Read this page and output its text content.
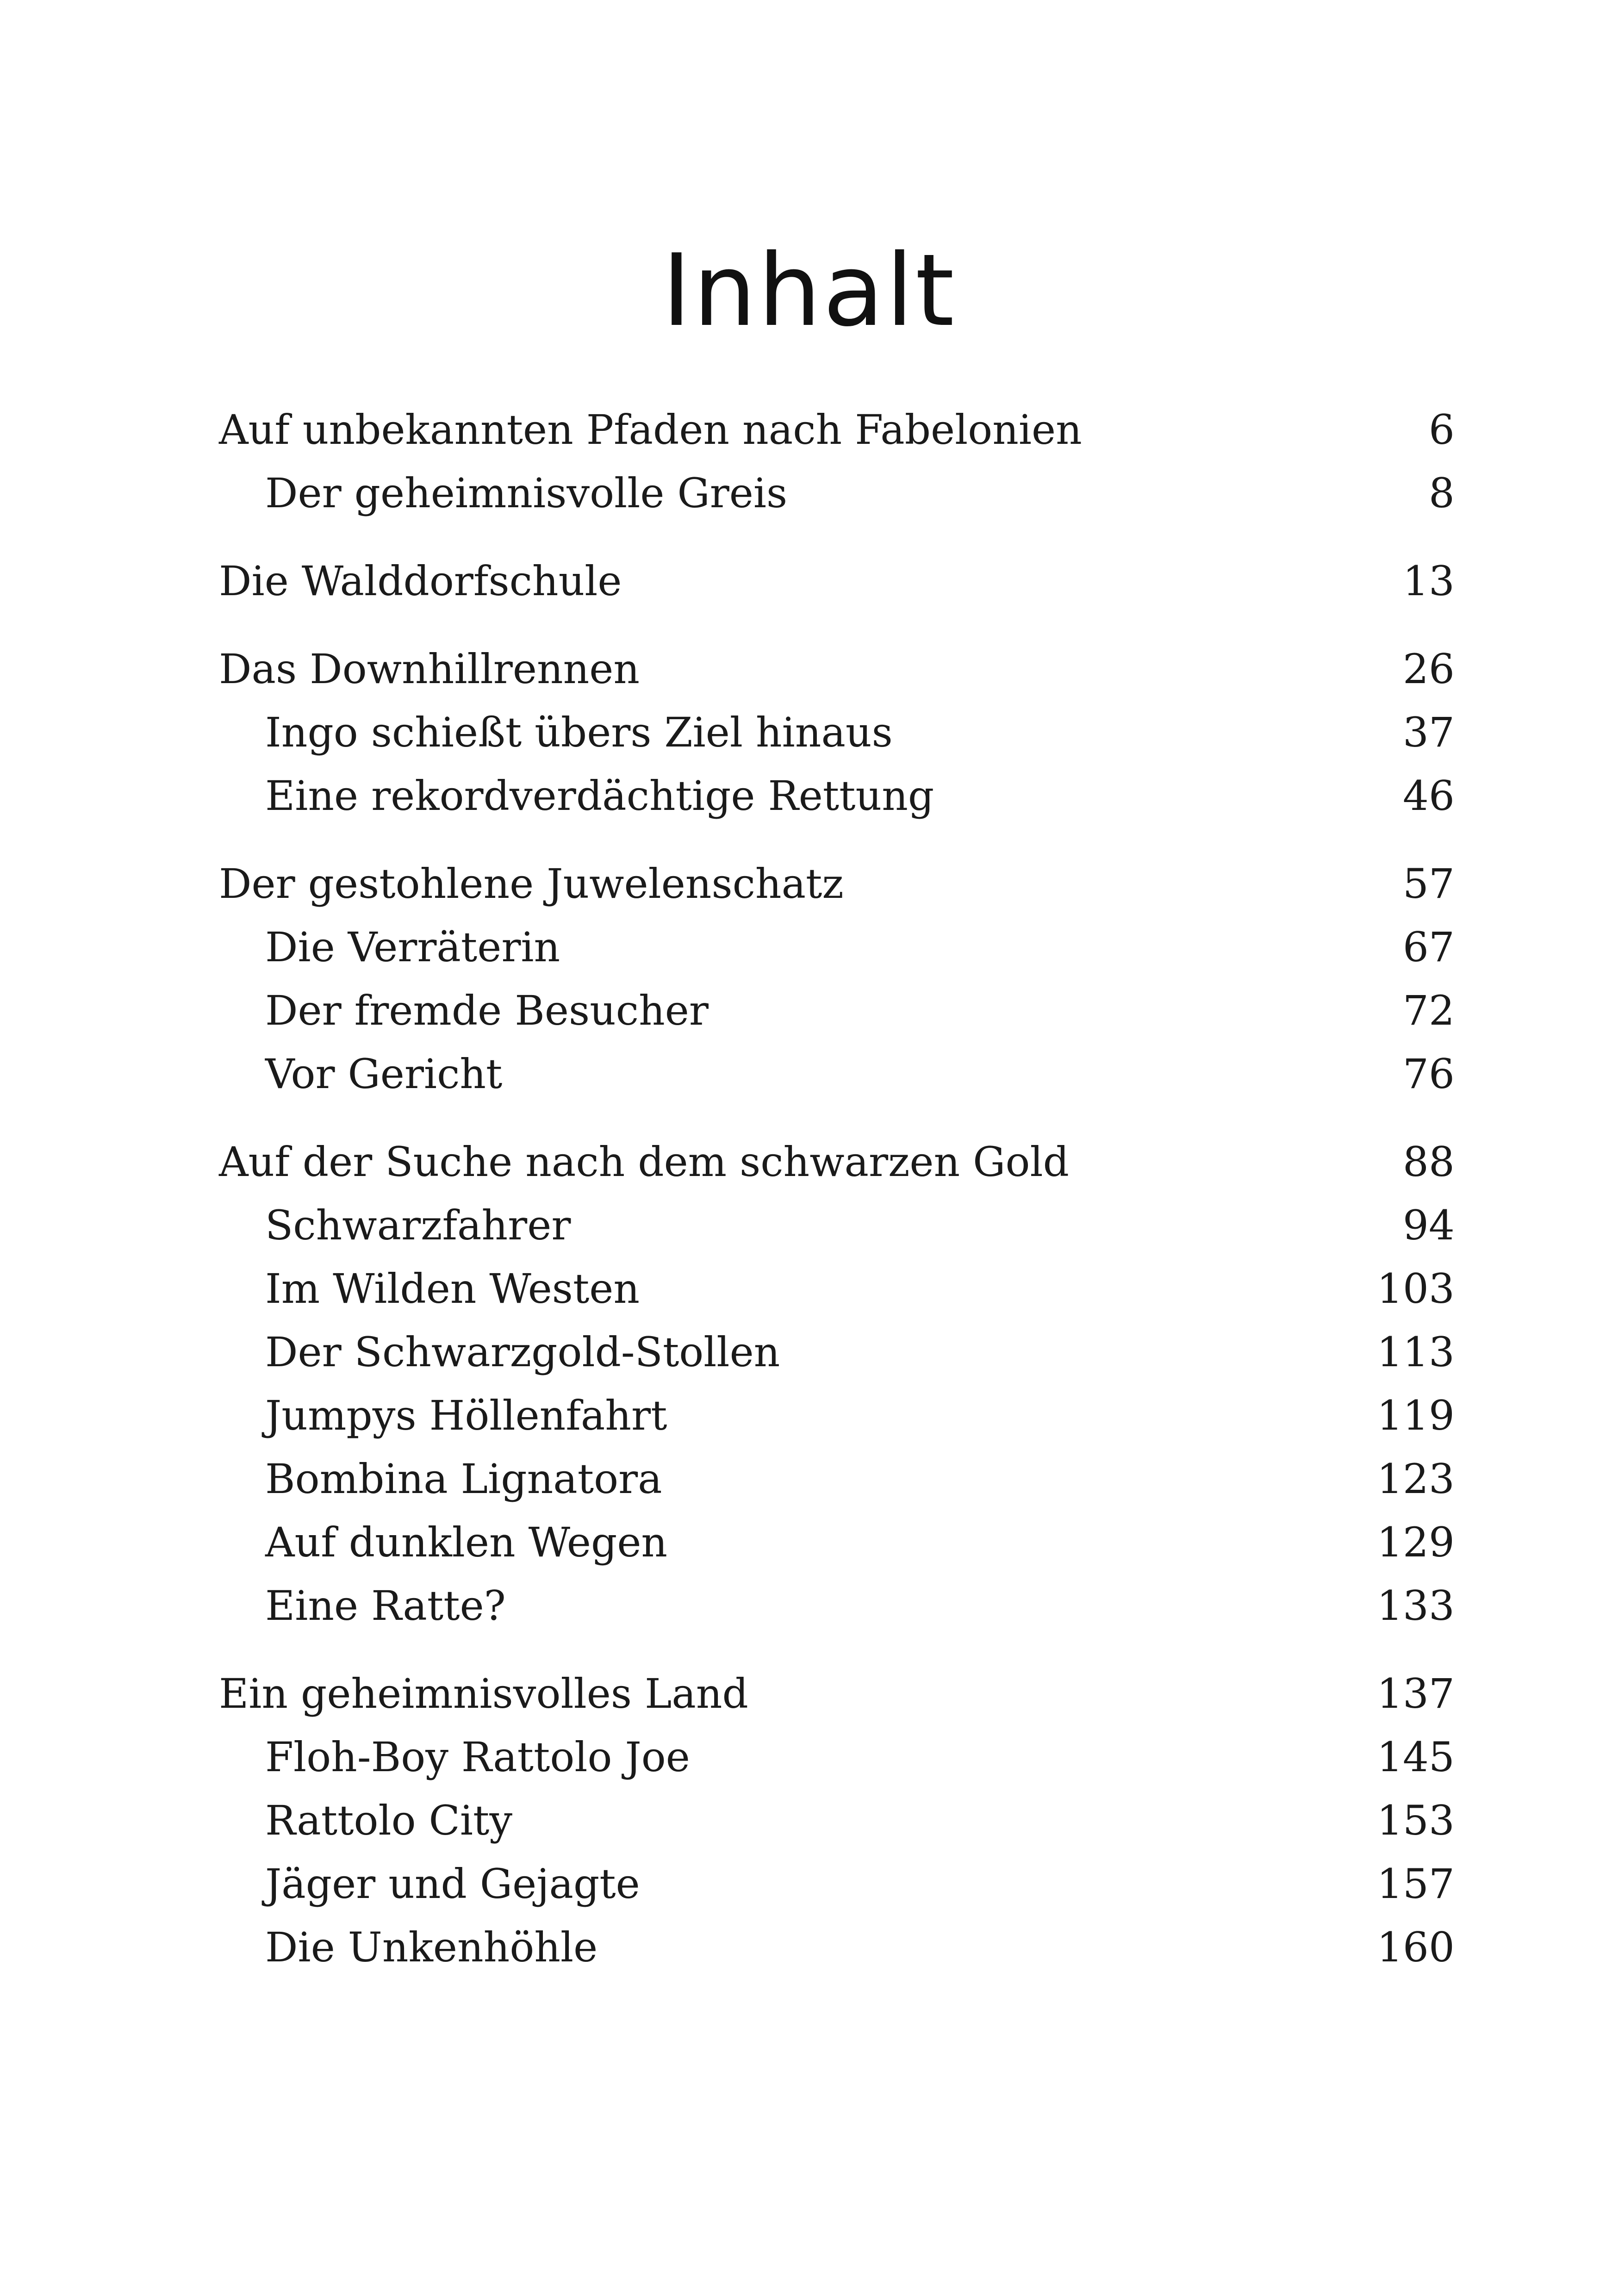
Inhalt
Auf unbekannten Pfaden nach Fabelonien	6
Der geheimnisvolle Greis	8
Die Walddorfschule	13
Das Downhillrennen	26
Ingo schießt übers Ziel hinaus	37
Eine rekordverdächtige Rettung	46
Der gestohlene Juwelenschatz	57
Die Verräterin	67
Der fremde Besucher	72
Vor Gericht	76
Auf der Suche nach dem schwarzen Gold	88
Schwarzfahrer	94
Im Wilden Westen	103
Der Schwarzgold-Stollen	113
Jumpys Höllenfahrt	119
Bombina Lignatora	123
Auf dunklen Wegen	129
Eine Ratte?	133
Ein geheimnisvolles Land	137
Floh-Boy Rattolo Joe	145
Rattolo City	153
Jäger und Gejagte	157
Die Unkenhöhle	160
